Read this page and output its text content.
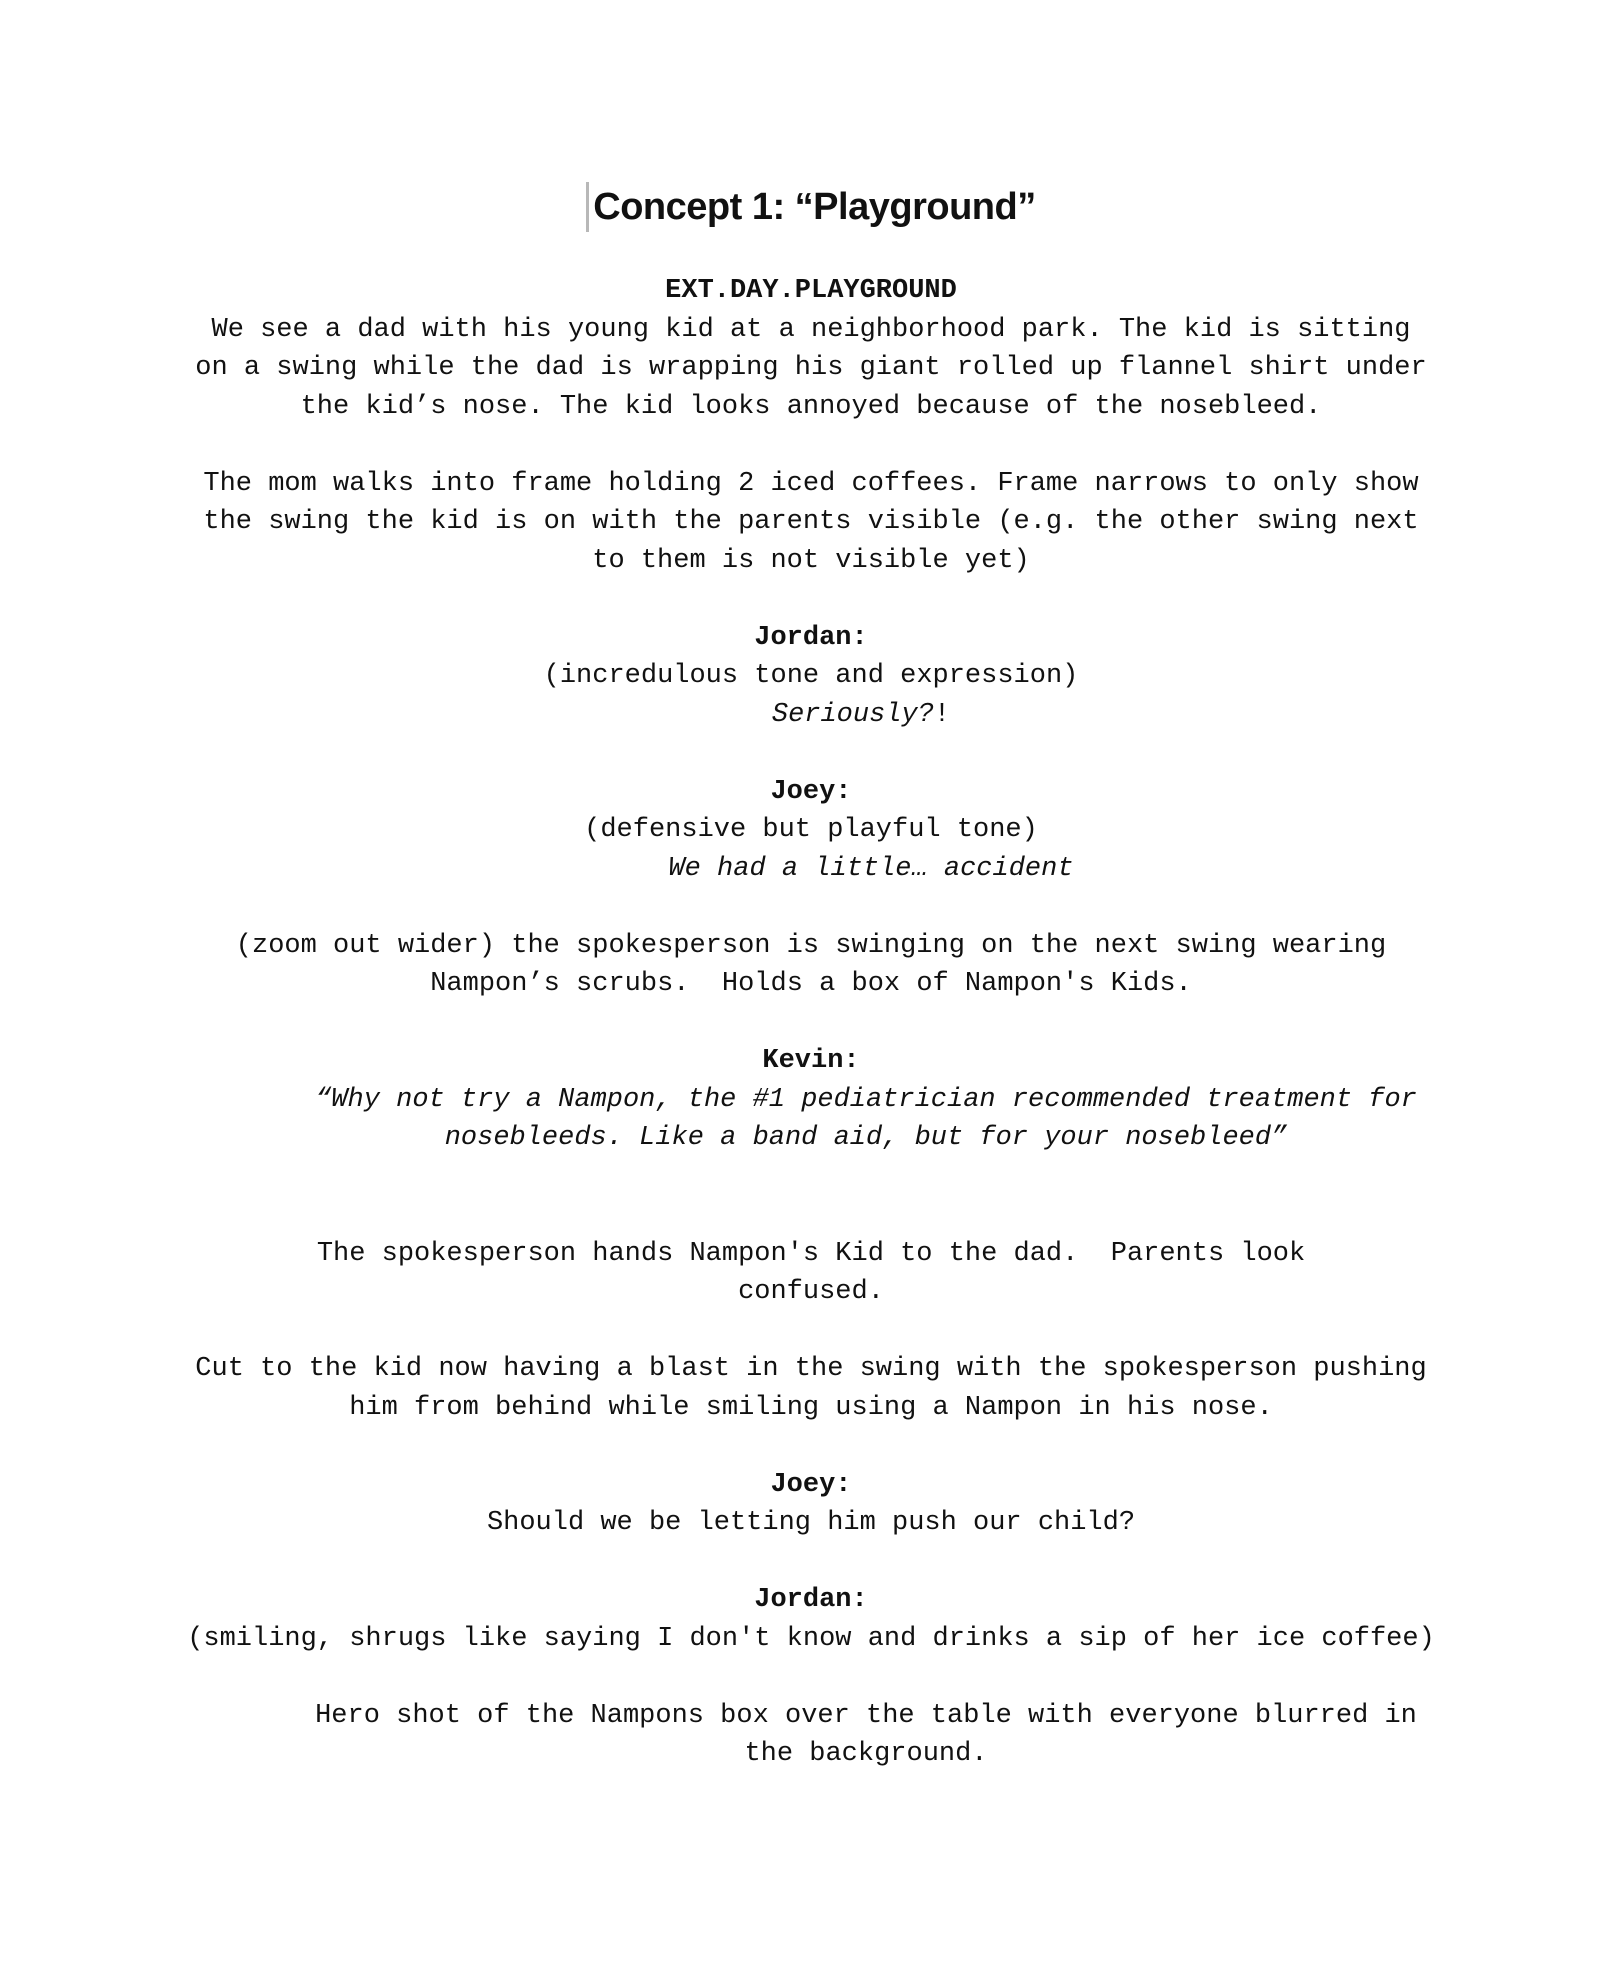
Concept 1: “Playground”

EXT.DAY.PLAYGROUND

We see a dad with his young kid at a neighborhood park. The kid is sitting on a swing while the dad is wrapping his giant rolled up flannel shirt under the kid’s nose. The kid looks annoyed because of the nosebleed.

The mom walks into frame holding 2 iced coffees. Frame narrows to only show the swing the kid is on with the parents visible (e.g. the other swing next to them is not visible yet)

Jordan:

(incredulous tone and expression)

Seriously?!

Joey:

(defensive but playful tone)

We had a little… accident

(zoom out wider) the spokesperson is swinging on the next swing wearing Nampon’s scrubs.  Holds a box of Nampon's Kids.

Kevin:

“Why not try a Nampon, the #1 pediatrician recommended treatment for nosebleeds. Like a band aid, but for your nosebleed”

The spokesperson hands Nampon's Kid to the dad.  Parents look confused.

Cut to the kid now having a blast in the swing with the spokesperson pushing him from behind while smiling using a Nampon in his nose.

Joey:

Should we be letting him push our child?

Jordan:

(smiling, shrugs like saying I don't know and drinks a sip of her ice coffee)

Hero shot of the Nampons box over the table with everyone blurred in the background.
